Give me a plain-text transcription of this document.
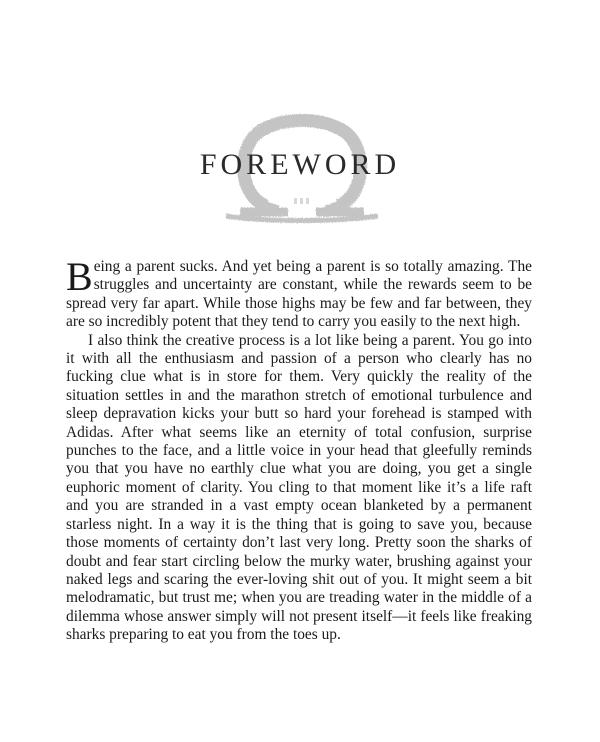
FOREWORD

Being a parent sucks. And yet being a parent is so totally amazing. The struggles and uncertainty are constant, while the rewards seem to be spread very far apart. While those highs may be few and far between, they are so incredibly potent that they tend to carry you easily to the next high.

I also think the creative process is a lot like being a parent. You go into it with all the enthusiasm and passion of a person who clearly has no fucking clue what is in store for them. Very quickly the reality of the situation settles in and the marathon stretch of emotional turbulence and sleep depravation kicks your butt so hard your forehead is stamped with Adidas. After what seems like an eternity of total confusion, surprise punches to the face, and a little voice in your head that gleefully reminds you that you have no earthly clue what you are doing, you get a single euphoric moment of clarity. You cling to that moment like it’s a life raft and you are stranded in a vast empty ocean blanketed by a permanent starless night. In a way it is the thing that is going to save you, because those moments of certainty don’t last very long. Pretty soon the sharks of doubt and fear start circling below the murky water, brushing against your naked legs and scaring the ever-loving shit out of you. It might seem a bit melodramatic, but trust me; when you are treading water in the middle of a dilemma whose answer simply will not present itself—it feels like freaking sharks preparing to eat you from the toes up.
